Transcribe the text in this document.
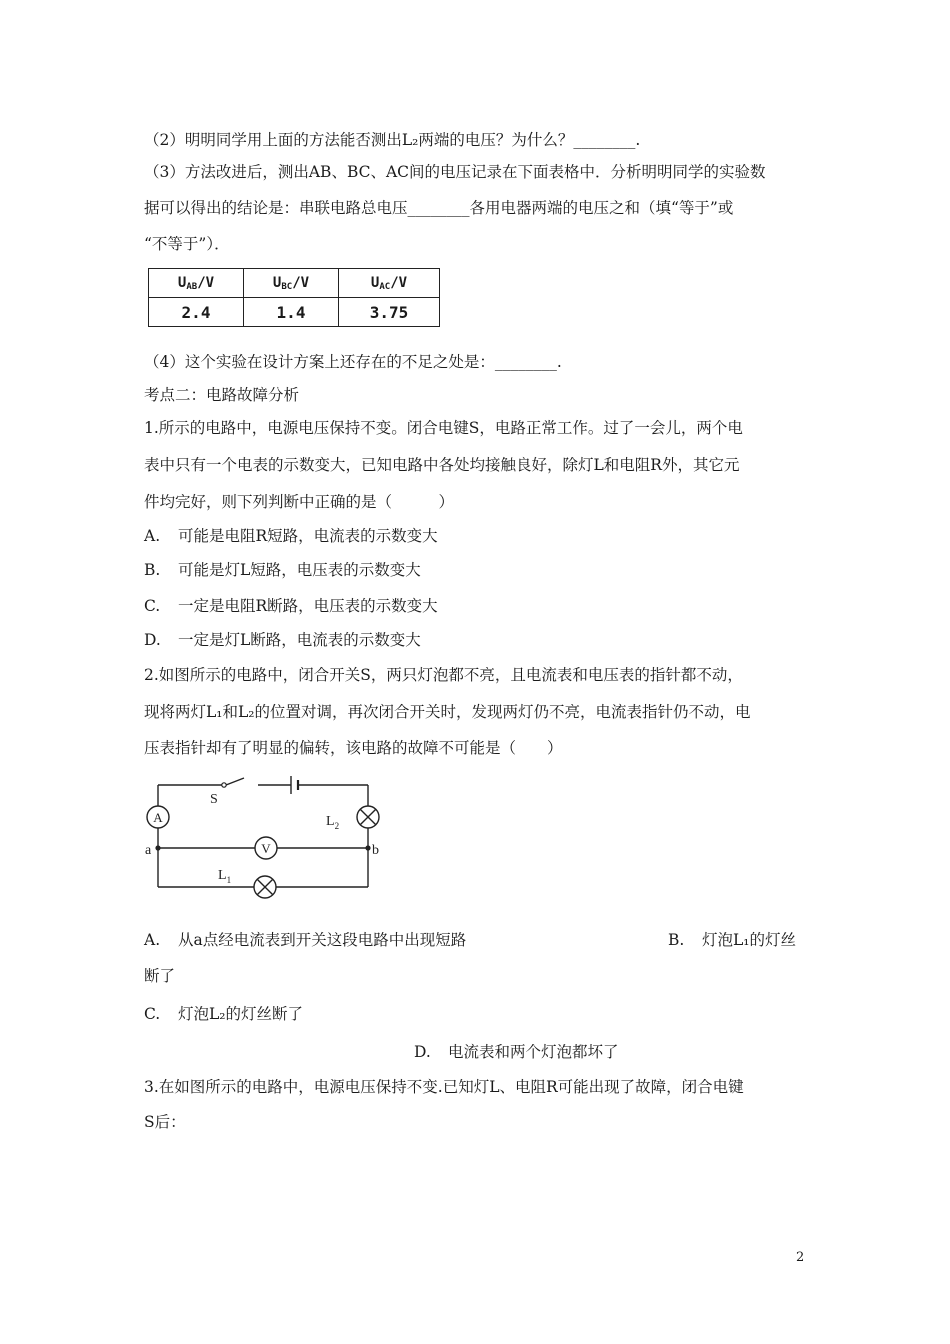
（2）明明同学用上面的方法能否测出L₂两端的电压？为什么？________.
（3）方法改进后，测出AB、BC、AC间的电压记录在下面表格中．分析明明同学的实验数
据可以得出的结论是：串联电路总电压________各用电器两端的电压之和（填“等于”或
“不等于”）．
$U_{AB}/V$	$U_{BC}/V$	$U_{AC}/V$
2.4	1.4	3.75
（4）这个实验在设计方案上还存在的不足之处是：________.
考点二：电路故障分析
1.所示的电路中，电源电压保持不变。闭合电键S，电路正常工作。过了一会儿，两个电
表中只有一个电表的示数变大，已知电路中各处均接触良好，除灯L和电阻R外，其它元
件均完好，则下列判断中正确的是（　　　）
A. 可能是电阻R短路，电流表的示数变大
B. 可能是灯L短路，电压表的示数变大
C. 一定是电阻R断路，电压表的示数变大
D. 一定是灯L断路，电流表的示数变大
2.如图所示的电路中，闭合开关S，两只灯泡都不亮，且电流表和电压表的指针都不动，
现将两灯L₁和L₂的位置对调，再次闭合开关时，发现两灯仍不亮，电流表指针仍不动，电
压表指针却有了明显的偏转，该电路的故障不可能是（　　）
A
V
S
$L_2$
$L_1$
a	b
A. 从a点经电流表到开关这段电路中出现短路	B. 灯泡L₁的灯丝
断了
C. 灯泡L₂的灯丝断了
D. 电流表和两个灯泡都坏了
3.在如图所示的电路中，电源电压保持不变.已知灯L、电阻R可能出现了故障，闭合电键
S后：
2
